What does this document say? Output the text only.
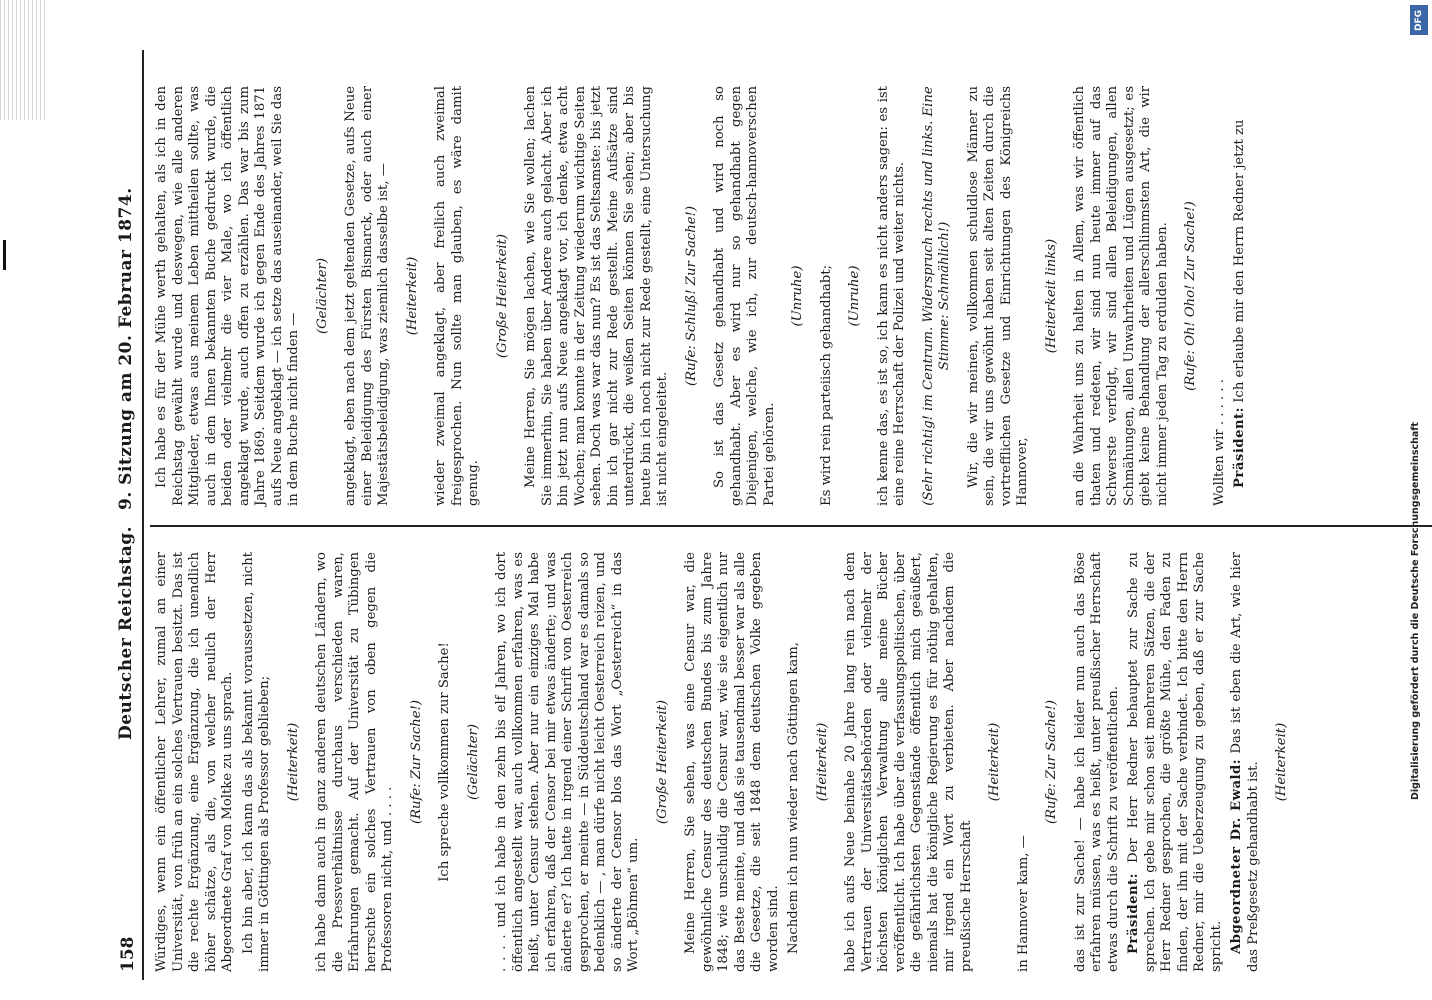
158
Deutscher Reichstag.
9. Sitzung am 20. Februar 1874.

Würdiges, wenn ein öffentlicher Lehrer, zumal an einer Universität, von früh an ein solches Vertrauen besitzt. Das ist die rechte Ergänzung, eine Ergänzung, die ich unendlich höher schätze, als die, von welcher neulich der Herr Abgeordnete Graf von Moltke zu uns sprach. Ich bin aber, ich kann das als bekannt voraussetzen, nicht immer in Göttingen als Professor geblieben; (Heiterkeit) ich habe dann auch in ganz anderen deutschen Ländern, wo die Pressverhältnisse durchaus verschieden waren, Erfahrungen gemacht. Auf der Universität zu Tübingen herrschte ein solches Vertrauen von oben gegen die Professoren nicht, und . . . .

(Rufe: Zur Sache!) Ich spreche vollkommen zur Sache! (Gelächter) . . . . und ich habe in den zehn bis elf Jahren, wo ich dort öffentlich angestellt war, auch vollkommen erfahren, was es heißt, unter Censur stehen. Aber nur ein einziges Mal habe ich erfahren, daß der Censor bei mir etwas änderte; und was änderte er? Ich hatte in irgend einer Schrift von Oesterreich gesprochen, er meinte — in Süddeutschland war es damals so bedenklich — , man dürfe nicht leicht Oesterreich reizen, und so änderte der Censor blos das Wort „Oesterreich“ in das Wort „Böhmen“ um.

(Große Heiterkeit) Meine Herren, Sie sehen, was eine Censur war, die gewöhnliche Censur des deutschen Bundes bis zum Jahre 1848; wie unschuldig die Censur war, wie sie eigentlich nur das Beste meinte, und daß sie tausendmal besser war als alle die Gesetze, die seit 1848 dem deutschen Volke gegeben worden sind. Nachdem ich nun wieder nach Göttingen kam, (Heiterkeit) habe ich aufs Neue beinahe 20 Jahre lang rein nach dem Vertrauen der Universitätsbehörden oder vielmehr der höchsten königlichen Verwaltung alle meine Bücher veröffentlicht. Ich habe über die verfassungspolitischen, über die gefährlichsten Gegenstände öffentlich mich geäußert, niemals hat die königliche Regierung es für nöthig gehalten, mir irgend ein Wort zu verbieten. Aber nachdem die preußische Herrschaft

(Heiterkeit)

in Hannover kam, —

(Rufe: Zur Sache!) das ist zur Sache! — habe ich leider nun auch das Böse erfahren müssen, was es heißt, unter preußischer Herrschaft etwas durch die Schrift zu veröffentlichen. Präsident: Der Herr Redner behauptet zur Sache zu sprechen. Ich gebe mir schon seit mehreren Sätzen, die der Herr Redner gesprochen, die größte Mühe, den Faden zu finden, der ihn mit der Sache verbindet. Ich bitte den Herrn Redner, mir die Ueberzeugung zu geben, daß er zur Sache spricht. Abgeordneter Dr. Ewald: Das ist eben die Art, wie hier das Preßgesetz gehandhabt ist. (Heiterkeit)

Ich habe es für der Mühe werth gehalten, als ich in den Reichstag gewählt wurde und deswegen, wie alle anderen Mitglieder, etwas aus meinem Leben mittheilen sollte, was auch in dem Ihnen bekannten Buche gedruckt wurde, die beiden oder vielmehr die vier Male, wo ich öffentlich angeklagt wurde, auch offen zu erzählen. Das war bis zum Jahre 1869. Seitdem wurde ich gegen Ende des Jahres 1871 aufs Neue angeklagt — ich setze das auseinander, weil Sie das in dem Buche nicht finden —

(Gelächter) angeklagt, eben nach dem jetzt geltenden Gesetze, aufs Neue einer Beleidigung des Fürsten Bismarck, oder auch einer Majestätsbeleidigung, was ziemlich dasselbe ist, — (Heiterkeit) wieder zweimal angeklagt, aber freilich auch zweimal freigesprochen. Nun sollte man glauben, es wäre damit genug.

(Große Heiterkeit) Meine Herren, Sie mögen lachen, wie Sie wollen; lachen Sie immerhin, Sie haben über Andere auch gelacht. Aber ich bin jetzt nun aufs Neue angeklagt vor, ich denke, etwa acht Wochen; man konnte in der Zeitung wiederum wichtige Seiten sehen. Doch was war das nun? Es ist das Seltsamste: bis jetzt bin ich gar nicht zur Rede gestellt. Meine Aufsätze sind unterdrückt, die weißen Seiten können Sie sehen; aber bis heute bin ich noch nicht zur Rede gestellt, eine Untersuchung ist nicht eingeleitet.

(Rufe: Schluß! Zur Sache!) So ist das Gesetz gehandhabt und wird noch so gehandhabt. Aber es wird nur so gehandhabt gegen Diejenigen, welche, wie ich, zur deutsch-hannoverschen Partei gehören.

(Unruhe) Es wird rein parteiisch gehandhabt; (Unruhe) ich kenne das, es ist so, ich kann es nicht anders sagen: es ist eine reine Herrschaft der Polizei und weiter nichts. (Sehr richtig! im Centrum. Widerspruch rechts und links. Eine Stimme: Schmählich!) Wir, die wir meinen, vollkommen schuldlose Männer zu sein, die wir uns gewöhnt haben seit alten Zeiten durch die vortrefflichen Gesetze und Einrichtungen des Königreichs Hannover,

(Heiterkeit links) an die Wahrheit uns zu halten in Allem, was wir öffentlich thaten und redeten, wir sind nun heute immer auf das Schwerste verfolgt, wir sind allen Beleidigungen, allen Schmähungen, allen Unwahrheiten und Lügen ausgesetzt; es giebt keine Behandlung der allerschlimmsten Art, die wir nicht immer jeden Tag zu erdulden haben. (Rufe: Oh! Oho! Zur Sache!)

Wollten wir . . . . . . Präsident: Ich erlaube mir den Herrn Redner jetzt zu

DFG
Digitalisierung gefördert durch die Deutsche Forschungsgemeinschaft
